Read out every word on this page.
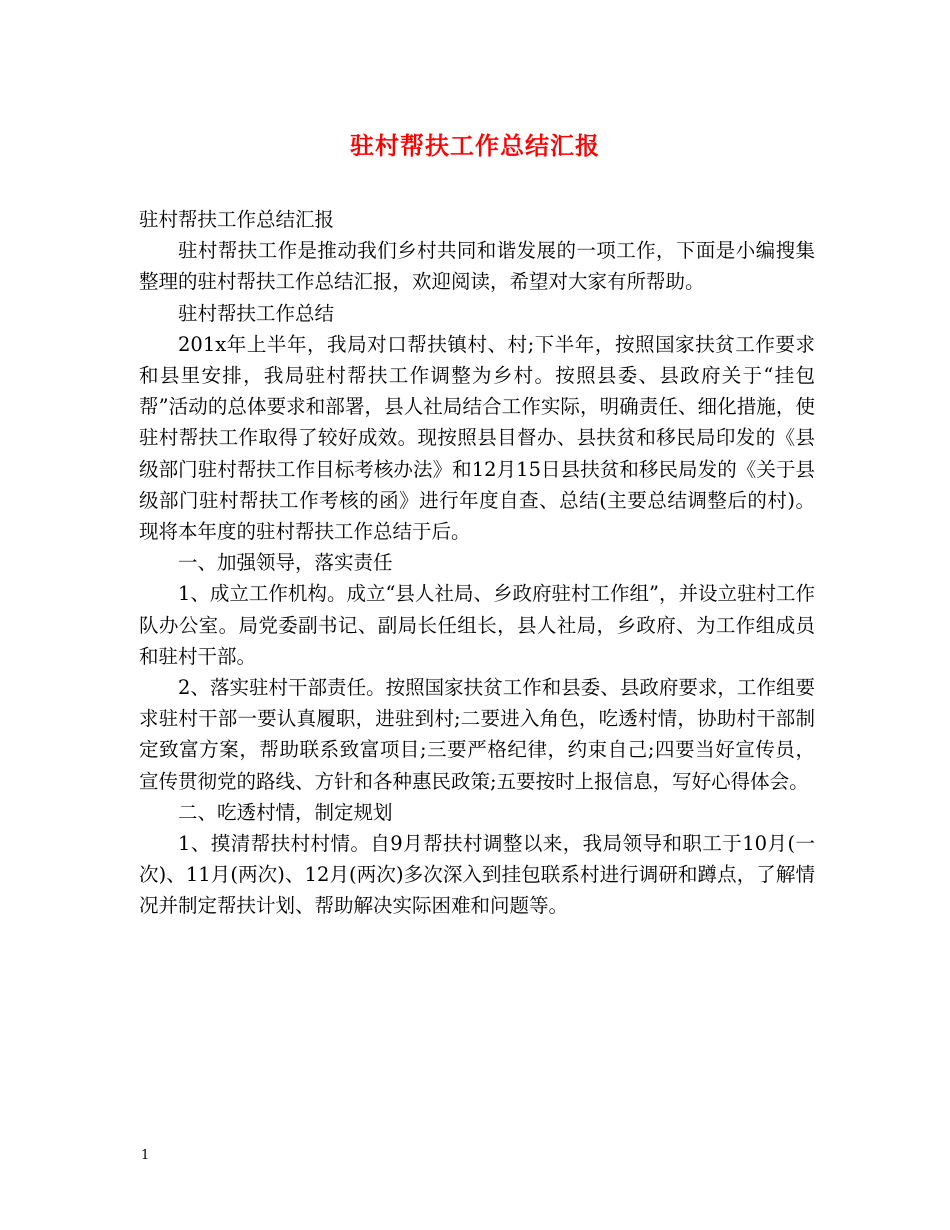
驻村帮扶工作总结汇报

驻村帮扶工作总结汇报

驻村帮扶工作是推动我们乡村共同和谐发展的一项工作，下面是小编搜集整理的驻村帮扶工作总结汇报，欢迎阅读，希望对大家有所帮助。

驻村帮扶工作总结

201x年上半年，我局对口帮扶镇村、村;下半年，按照国家扶贫工作要求和县里安排，我局驻村帮扶工作调整为乡村。按照县委、县政府关于“挂包帮”活动的总体要求和部署，县人社局结合工作实际，明确责任、细化措施，使驻村帮扶工作取得了较好成效。现按照县目督办、县扶贫和移民局印发的《县级部门驻村帮扶工作目标考核办法》和12月15日县扶贫和移民局发的《关于县级部门驻村帮扶工作考核的函》进行年度自查、总结(主要总结调整后的村)。现将本年度的驻村帮扶工作总结于后。

一、加强领导，落实责任

1、成立工作机构。成立“县人社局、乡政府驻村工作组”，并设立驻村工作队办公室。局党委副书记、副局长任组长，县人社局，乡政府、为工作组成员和驻村干部。

2、落实驻村干部责任。按照国家扶贫工作和县委、县政府要求，工作组要求驻村干部一要认真履职，进驻到村;二要进入角色，吃透村情，协助村干部制定致富方案，帮助联系致富项目;三要严格纪律，约束自己;四要当好宣传员，宣传贯彻党的路线、方针和各种惠民政策;五要按时上报信息，写好心得体会。

二、吃透村情，制定规划

1、摸清帮扶村村情。自9月帮扶村调整以来，我局领导和职工于10月(一次)、11月(两次)、12月(两次)多次深入到挂包联系村进行调研和蹲点，了解情况并制定帮扶计划、帮助解决实际困难和问题等。

1
